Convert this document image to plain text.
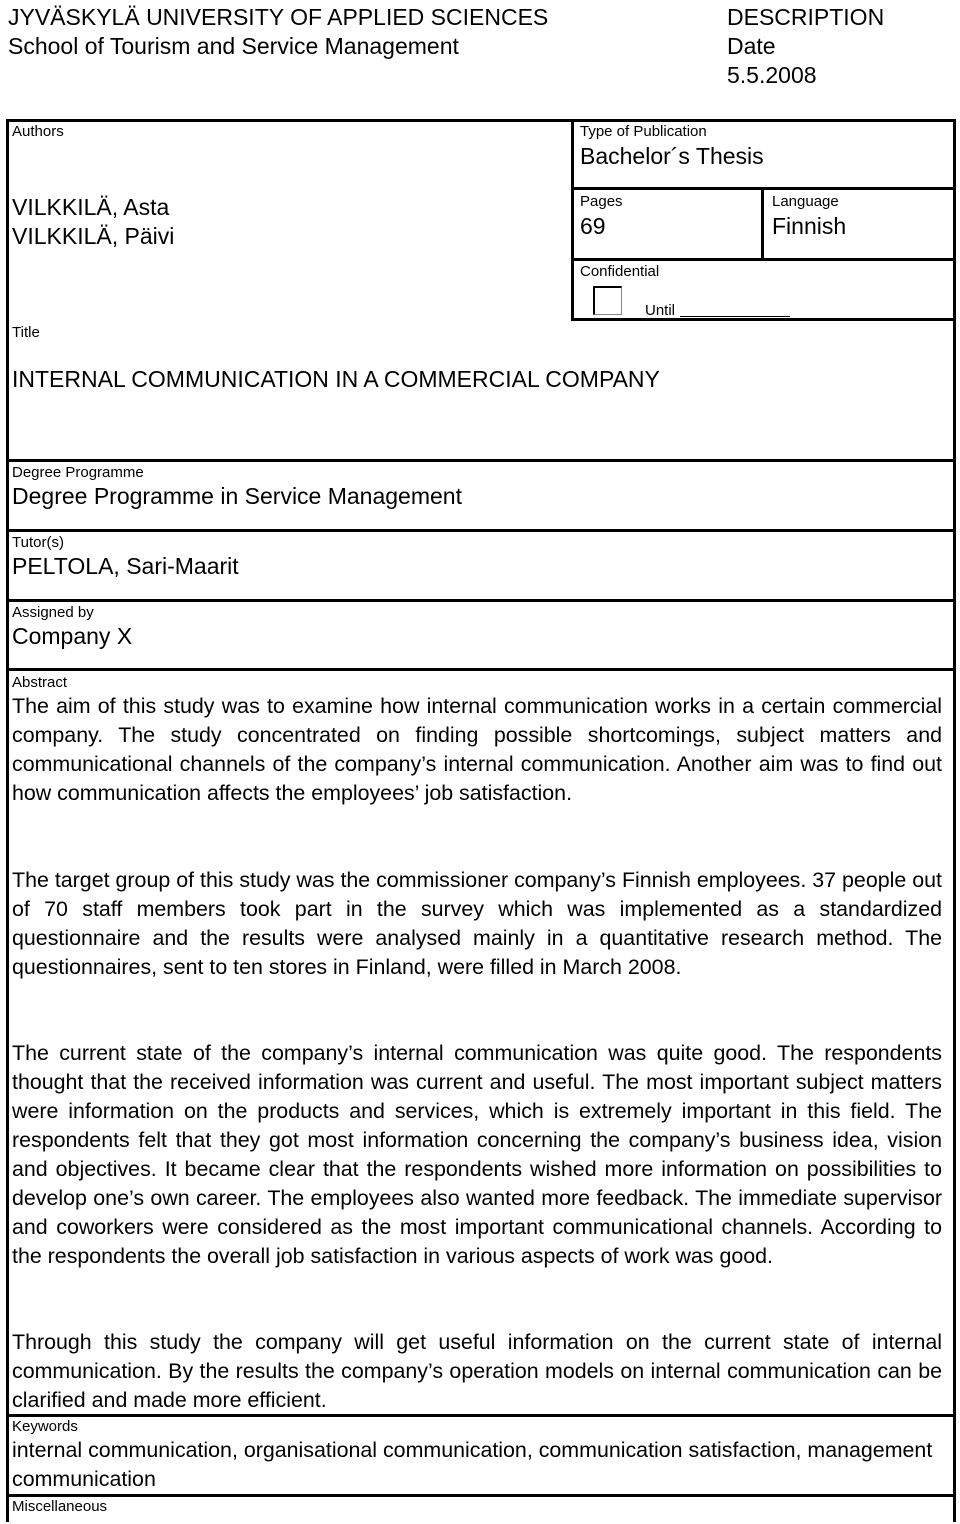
JYVÄSKYLÄ UNIVERSITY OF APPLIED SCIENCES
School of Tourism and Service Management
DESCRIPTION
Date
5.5.2008
Authors
VILKKILÄ, Asta
VILKKILÄ, Päivi
Type of Publication
Bachelor´s Thesis
Pages
69
Language
Finnish
Confidential
Until
Title
INTERNAL COMMUNICATION IN A COMMERCIAL COMPANY
Degree Programme
Degree Programme in Service Management
Tutor(s)
PELTOLA, Sari-Maarit
Assigned by
Company X
Abstract

The aim of this study was to examine how internal communication works in a certain commercial company. The study concentrated on finding possible shortcomings, subject matters and communicational channels of the company’s internal communication. Another aim was to find out how communication affects the employees’ job satisfaction.

The target group of this study was the commissioner company’s Finnish employees. 37 people out of 70 staff members took part in the survey which was implemented as a standardized questionnaire and the results were analysed mainly in a quantitative research method. The questionnaires, sent to ten stores in Finland, were filled in March 2008.

The current state of the company’s internal communication was quite good. The respondents thought that the received information was current and useful. The most important subject matters were information on the products and services, which is extremely important in this field. The respondents felt that they got most information concerning the company’s business idea, vision and objectives. It became clear that the respondents wished more information on possibilities to develop one’s own career. The employees also wanted more feedback. The immediate supervisor and coworkers were considered as the most important communicational channels. According to the respondents the overall job satisfaction in various aspects of work was good.

Through this study the company will get useful information on the current state of internal communication. By the results the company’s operation models on internal communication can be clarified and made more efficient.

Keywords

internal communication, organisational communication, communication satisfaction, management communication

Miscellaneous
